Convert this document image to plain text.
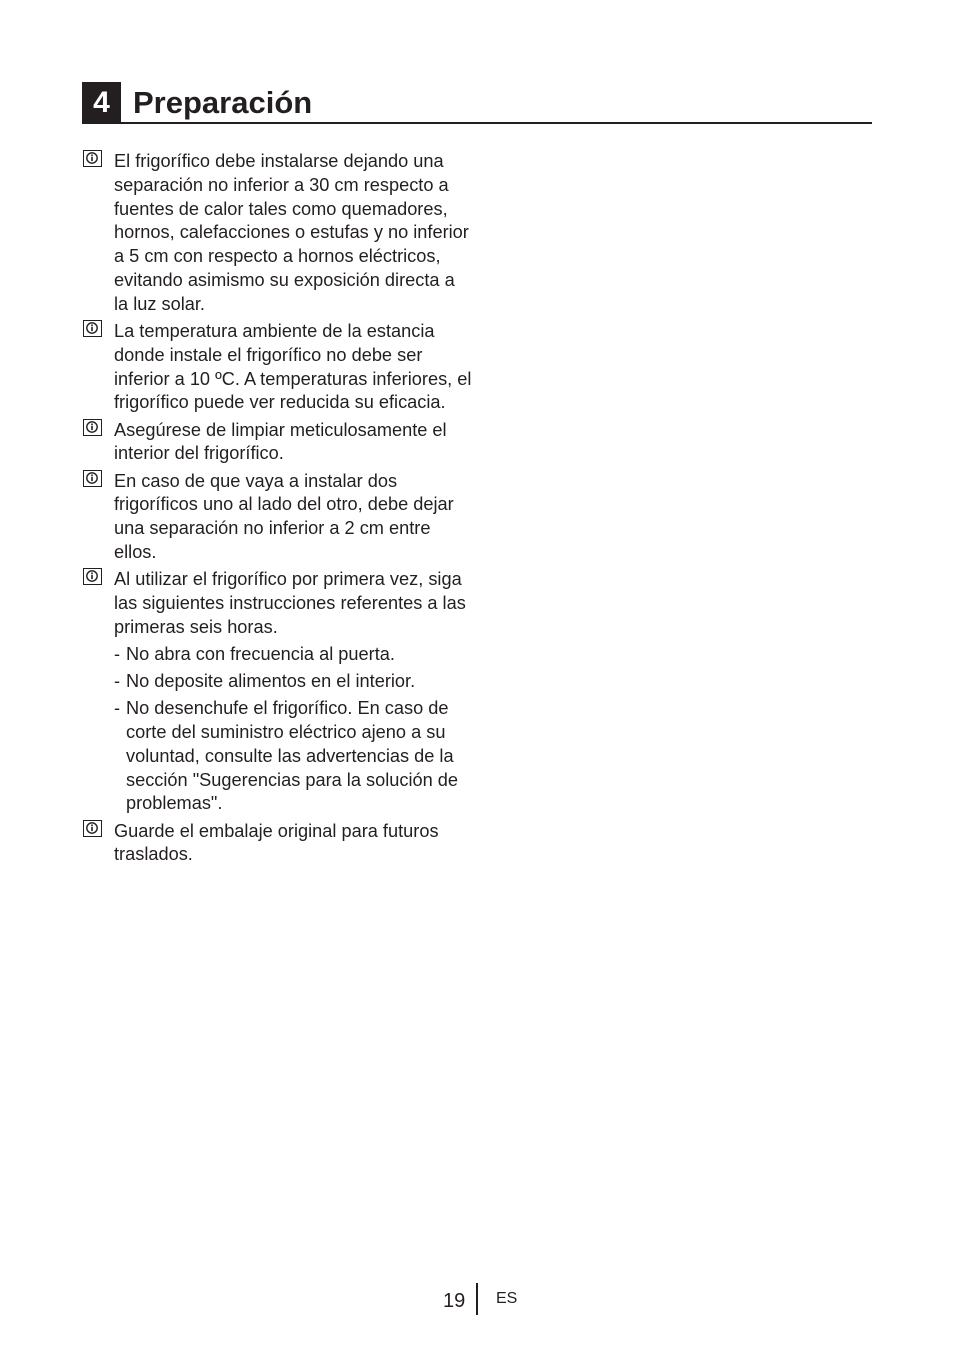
4 Preparación

El frigorífico debe instalarse dejando una separación no inferior a 30 cm respecto a fuentes de calor tales como quemadores, hornos, calefacciones o estufas y no inferior a 5 cm con respecto a hornos eléctricos, evitando asimismo su exposición directa a la luz solar.

La temperatura ambiente de la estancia donde instale el frigorífico no debe ser inferior a 10 ºC. A temperaturas inferiores, el frigorífico puede ver reducida su eficacia.

Asegúrese de limpiar meticulosamente el interior del frigorífico.

En caso de que vaya a instalar dos frigoríficos uno al lado del otro, debe dejar una separación no inferior a 2 cm entre ellos.

Al utilizar el frigorífico por primera vez, siga las siguientes instrucciones referentes a las primeras seis horas.

- No abra con frecuencia al puerta.
- No deposite alimentos en el interior.
- No desenchufe el frigorífico. En caso de corte del suministro eléctrico ajeno a su voluntad, consulte las advertencias de la sección "Sugerencias para la solución de problemas".

Guarde el embalaje original para futuros traslados.

19 ES
